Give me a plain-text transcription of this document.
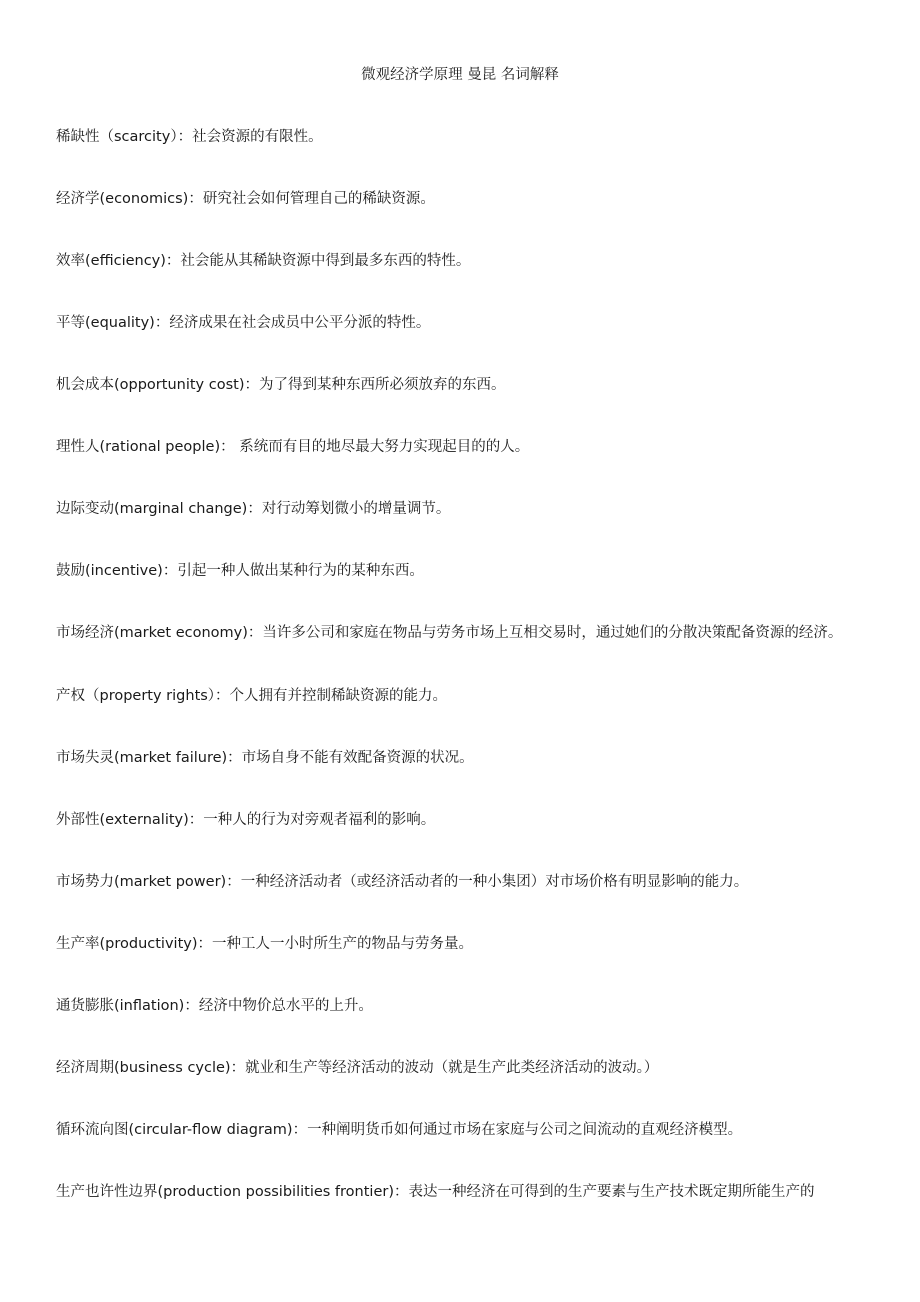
微观经济学原理 曼昆 名词解释
稀缺性（scarcity）：社会资源的有限性。
经济学(economics)：研究社会如何管理自己的稀缺资源。
效率(efficiency)：社会能从其稀缺资源中得到最多东西的特性。
平等(equality)：经济成果在社会成员中公平分派的特性。
机会成本(opportunity cost)：为了得到某种东西所必须放弃的东西。
理性人(rational people)： 系统而有目的地尽最大努力实现起目的的人。
边际变动(marginal change)：对行动筹划微小的增量调节。
鼓励(incentive)：引起一种人做出某种行为的某种东西。
市场经济(market economy)：当许多公司和家庭在物品与劳务市场上互相交易时，通过她们的分散决策配备资源的经济。
产权（property rights）：个人拥有并控制稀缺资源的能力。
市场失灵(market failure)：市场自身不能有效配备资源的状况。
外部性(externality)：一种人的行为对旁观者福利的影响。
市场势力(market power)：一种经济活动者（或经济活动者的一种小集团）对市场价格有明显影响的能力。
生产率(productivity)：一种工人一小时所生产的物品与劳务量。
通货膨胀(inflation)：经济中物价总水平的上升。
经济周期(business cycle)：就业和生产等经济活动的波动（就是生产此类经济活动的波动。）
循环流向图(circular-flow diagram)：一种阐明货币如何通过市场在家庭与公司之间流动的直观经济模型。
生产也许性边界(production possibilities frontier)：表达一种经济在可得到的生产要素与生产技术既定期所能生产的
